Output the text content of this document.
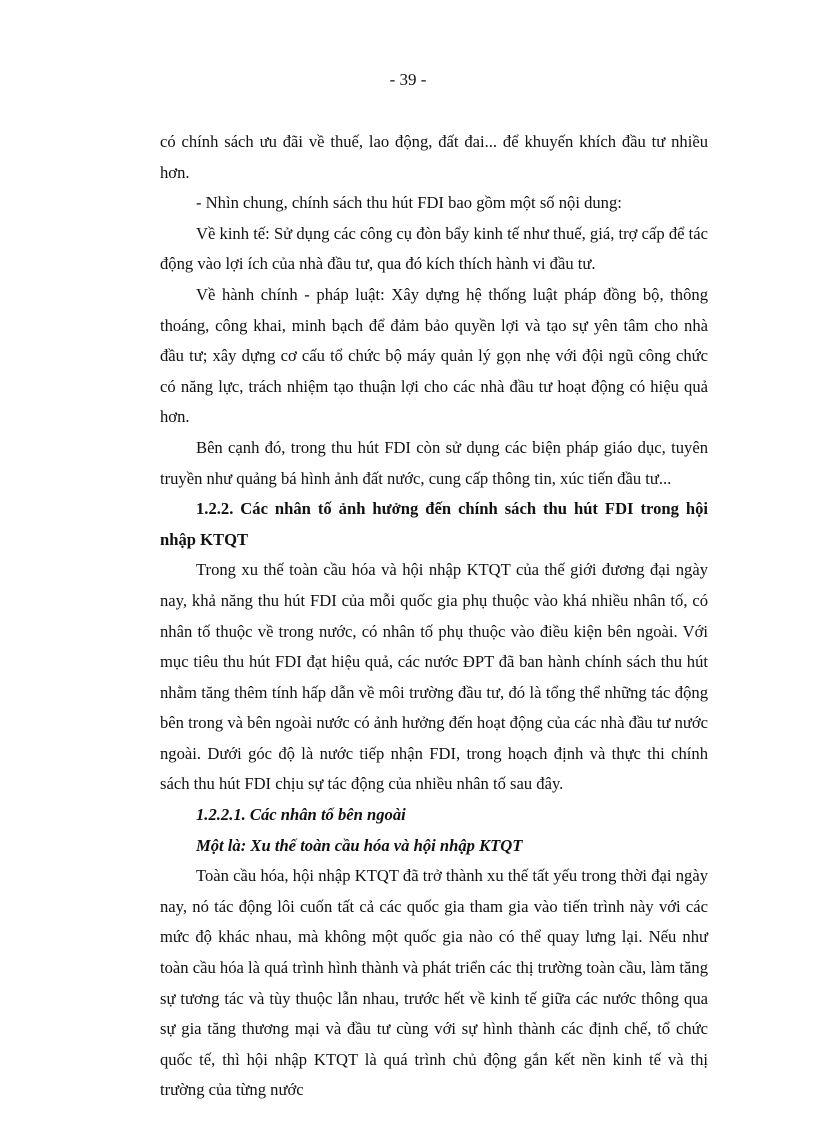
- 39 -

có chính sách ưu đãi về thuế, lao động, đất đai... để khuyến khích đầu tư nhiều hơn.

- Nhìn chung, chính sách thu hút FDI bao gồm một số nội dung:

Về kinh tế: Sử dụng các công cụ đòn bẩy kinh tế như thuế, giá, trợ cấp để tác động vào lợi ích của nhà đầu tư, qua đó kích thích hành vi đầu tư.

Về hành chính - pháp luật: Xây dựng hệ thống luật pháp đồng bộ, thông thoáng, công khai, minh bạch để đảm bảo quyền lợi và tạo sự yên tâm cho nhà đầu tư; xây dựng cơ cấu tổ chức bộ máy quản lý gọn nhẹ với đội ngũ công chức có năng lực, trách nhiệm tạo thuận lợi cho các nhà đầu tư hoạt động có hiệu quả hơn.

Bên cạnh đó, trong thu hút FDI còn sử dụng các biện pháp giáo dục, tuyên truyền như quảng bá hình ảnh đất nước, cung cấp thông tin, xúc tiến đầu tư...

1.2.2. Các nhân tố ảnh hưởng đến chính sách thu hút FDI trong hội nhập KTQT

Trong xu thế toàn cầu hóa và hội nhập KTQT của thế giới đương đại ngày nay, khả năng thu hút FDI của mỗi quốc gia phụ thuộc vào khá nhiều nhân tố, có nhân tố thuộc về trong nước, có nhân tố phụ thuộc vào điều kiện bên ngoài. Với mục tiêu thu hút FDI đạt hiệu quả, các nước ĐPT đã ban hành chính sách thu hút nhằm tăng thêm tính hấp dẫn về môi trường đầu tư, đó là tổng thể những tác động bên trong và bên ngoài nước có ảnh hưởng đến hoạt động của các nhà đầu tư nước ngoài. Dưới góc độ là nước tiếp nhận FDI, trong hoạch định và thực thi chính sách thu hút FDI chịu sự tác động của nhiều nhân tố sau đây.

1.2.2.1. Các nhân tố bên ngoài

Một là: Xu thế toàn cầu hóa và hội nhập KTQT

Toàn cầu hóa, hội nhập KTQT đã trở thành xu thế tất yếu trong thời đại ngày nay, nó tác động lôi cuốn tất cả các quốc gia tham gia vào tiến trình này với các mức độ khác nhau, mà không một quốc gia nào có thể quay lưng lại. Nếu như toàn cầu hóa là quá trình hình thành và phát triển các thị trường toàn cầu, làm tăng sự tương tác và tùy thuộc lẫn nhau, trước hết về kinh tế giữa các nước thông qua sự gia tăng thương mại và đầu tư cùng với sự hình thành các định chế, tổ chức quốc tế, thì hội nhập KTQT là quá trình chủ động gắn kết nền kinh tế và thị trường của từng nước
